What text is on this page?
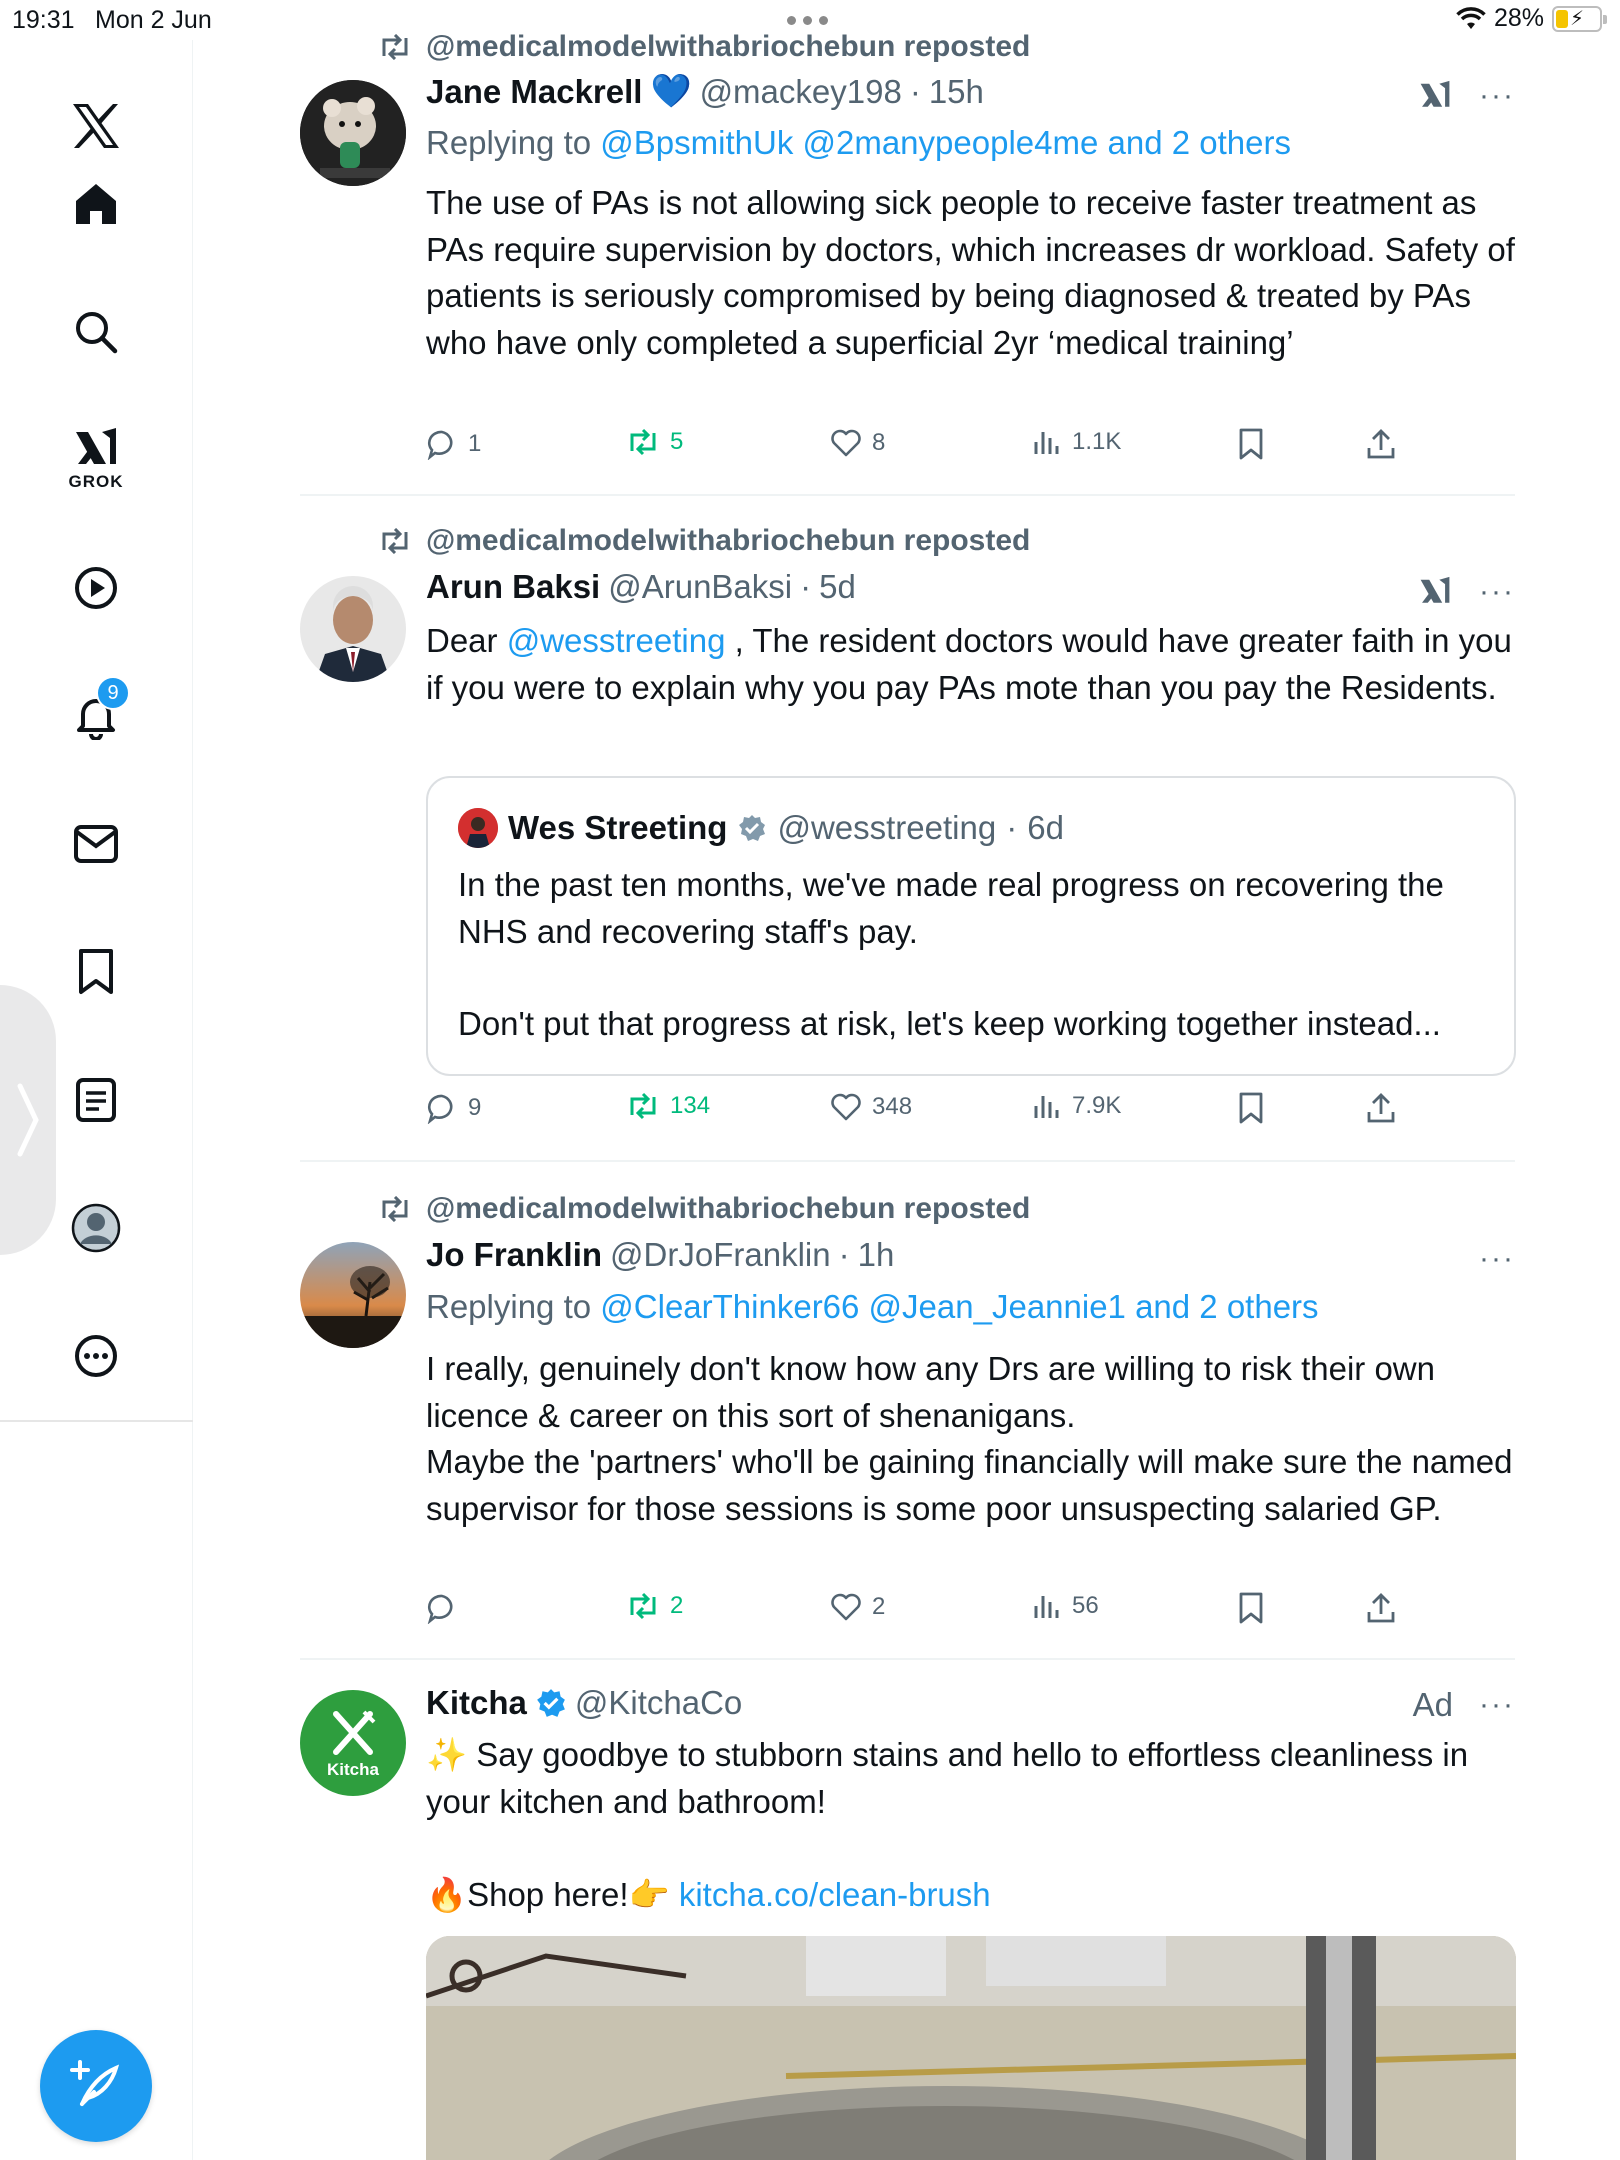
19:31 Mon 2 Jun	28% ⚡
GROK
9
@medicalmodelwithabriochebun reposted
Jane Mackrell 💙 @mackey198 · 15h	···
Replying to @BpsmithUk @2manypeople4me and 2 others

The use of PAs is not allowing sick people to receive faster treatment as PAs require supervision by doctors, which increases dr workload. Safety of patients is seriously compromised by being diagnosed & treated by PAs who have only completed a superficial 2yr ‘medical training’

1	5	8	1.1K
@medicalmodelwithabriochebun reposted
Arun Baksi @ArunBaksi · 5d	···

Dear @wesstreeting , The resident doctors would have greater faith in you if you were to explain why you pay PAs mote than you pay the Residents.

Wes Streeting @wesstreeting · 6d

In the past ten months, we've made real progress on recovering the NHS and recovering staff's pay.

Don't put that progress at risk, let's keep working together instead...

9	134	348	7.9K
@medicalmodelwithabriochebun reposted
Jo Franklin @DrJoFranklin · 1h	···
Replying to @ClearThinker66 @Jean_Jeannie1 and 2 others

I really, genuinely don't know how any Drs are willing to risk their own licence & career on this sort of shenanigans.
Maybe the 'partners' who'll be gaining financially will make sure the named supervisor for those sessions is some poor unsuspecting salaried GP.

2	2	56
Kitcha
Kitcha @KitchaCo	Ad ···

✨ Say goodbye to stubborn stains and hello to effortless cleanliness in your kitchen and bathroom!

🔥Shop here!👉 kitcha.co/clean-brush
